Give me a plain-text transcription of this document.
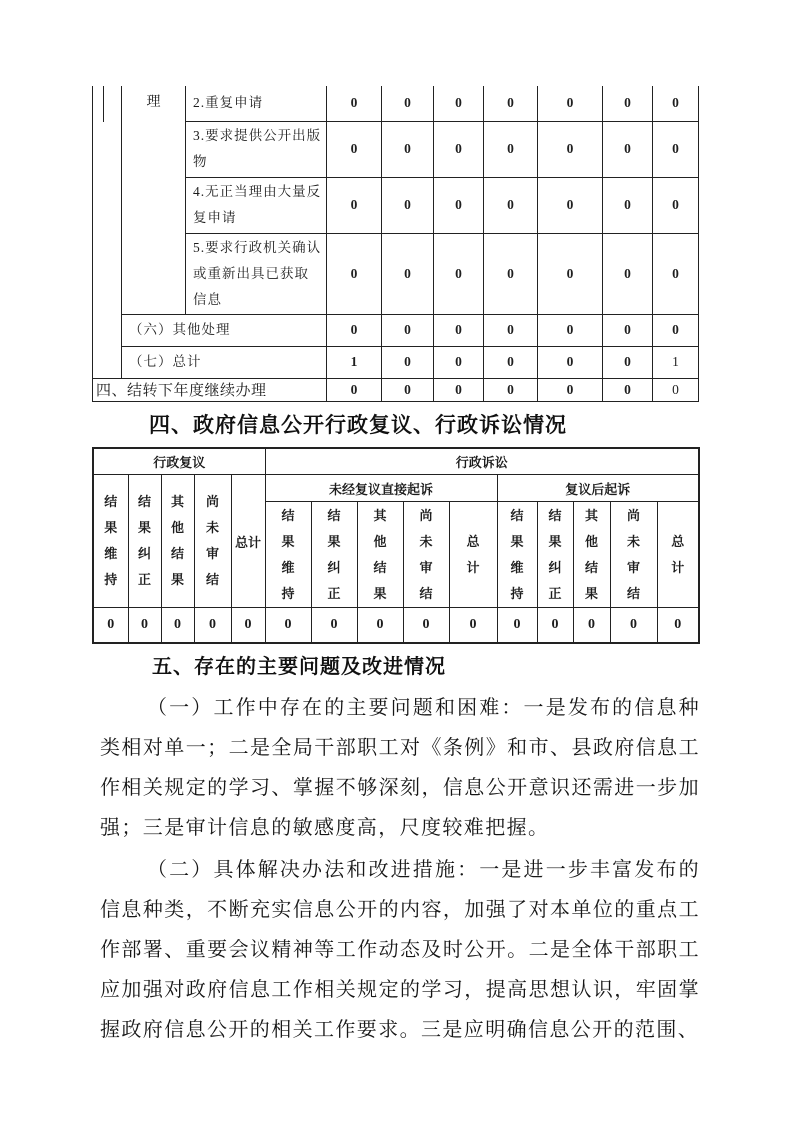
	理	2.重复申请	0	0	0	0	0	0	0
		3.要求提供公开出版物	0	0	0	0	0	0	0
		4.无正当理由大量反复申请	0	0	0	0	0	0	0
		5.要求行政机关确认或重新出具已获取信息	0	0	0	0	0	0	0
	（六）其他处理		0	0	0	0	0	0	0
	（七）总计		1	0	0	0	0	0	1
四、结转下年度继续办理			0	0	0	0	0	0	0
四、政府信息公开行政复议、行政诉讼情况
行政复议					行政诉讼									

结果维持	结果纠正	其他结果	尚未审结	总计	未经复议直接起诉					复议后起诉				

					结果维持	结果纠正	其他结果	尚未审结	总计	结果维持	结果纠正	其他结果	尚未审结	总计

0	0	0	0	0	0	0	0	0	0	0	0	0	0	0
五、存在的主要问题及改进情况

（一）工作中存在的主要问题和困难：一是发布的信息种类相对单一；二是全局干部职工对《条例》和市、县政府信息工作相关规定的学习、掌握不够深刻，信息公开意识还需进一步加强；三是审计信息的敏感度高，尺度较难把握。

（二）具体解决办法和改进措施：一是进一步丰富发布的信息种类，不断充实信息公开的内容，加强了对本单位的重点工作部署、重要会议精神等工作动态及时公开。二是全体干部职工应加强对政府信息工作相关规定的学习，提高思想认识，牢固掌握政府信息公开的相关工作要求。三是应明确信息公开的范围、
